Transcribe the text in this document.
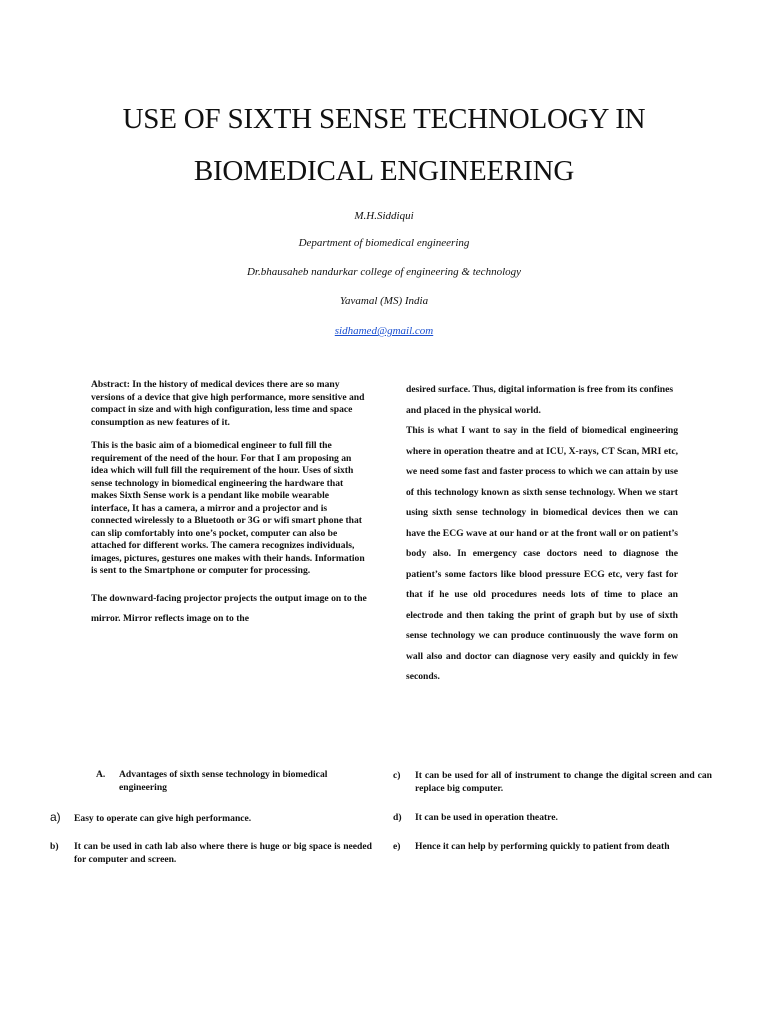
USE OF SIXTH SENSE TECHNOLOGY IN
BIOMEDICAL ENGINEERING
M.H.Siddiqui
Department of biomedical engineering
Dr.bhausaheb nandurkar college of engineering & technology
Yavamal (MS) India
sidhamed@gmail.com

Abstract: In the history of medical devices there are so many versions of a device that give high performance, more sensitive and compact in size and with high configuration, less time and space consumption as new features of it.

This is the basic aim of a biomedical engineer to full fill the requirement of the need of the hour. For that I am proposing an idea which will full fill the requirement of the hour. Uses of sixth sense technology in biomedical engineering the hardware that makes Sixth Sense work is a pendant like mobile wearable interface, It has a camera, a mirror and a projector and is connected wirelessly to a Bluetooth or 3G or wifi smart phone that can slip comfortably into one’s pocket, computer can also be attached for different works. The camera recognizes individuals, images, pictures, gestures one makes with their hands. Information is sent to the Smartphone or computer for processing.

The downward-facing projector projects the output image on to the mirror. Mirror reflects image on to the

desired surface. Thus, digital information is free from its confines and placed in the physical world.

This is what I want to say in the field of biomedical engineering where in operation theatre and at ICU, X-rays, CT Scan, MRI etc, we need some fast and faster process to which we can attain by use of this technology known as sixth sense technology. When we start using sixth sense technology in biomedical devices then we can have the ECG wave at our hand or at the front wall or on patient’s body also. In emergency case doctors need to diagnose the patient’s some factors like blood pressure ECG etc, very fast for that if he use old procedures needs lots of time to place an electrode and then taking the print of graph but by use of sixth sense technology we can produce continuously the wave form on wall also and doctor can diagnose very easily and quickly in few seconds.

A. Advantages of sixth sense technology in biomedical engineering
a) Easy to operate can give high performance.
b) It can be used in cath lab also where there is huge or big space is needed for computer and screen.
c) It can be used for all of instrument to change the digital screen and can replace big computer.
d) It can be used in operation theatre.
e) Hence it can help by performing quickly to patient from death
